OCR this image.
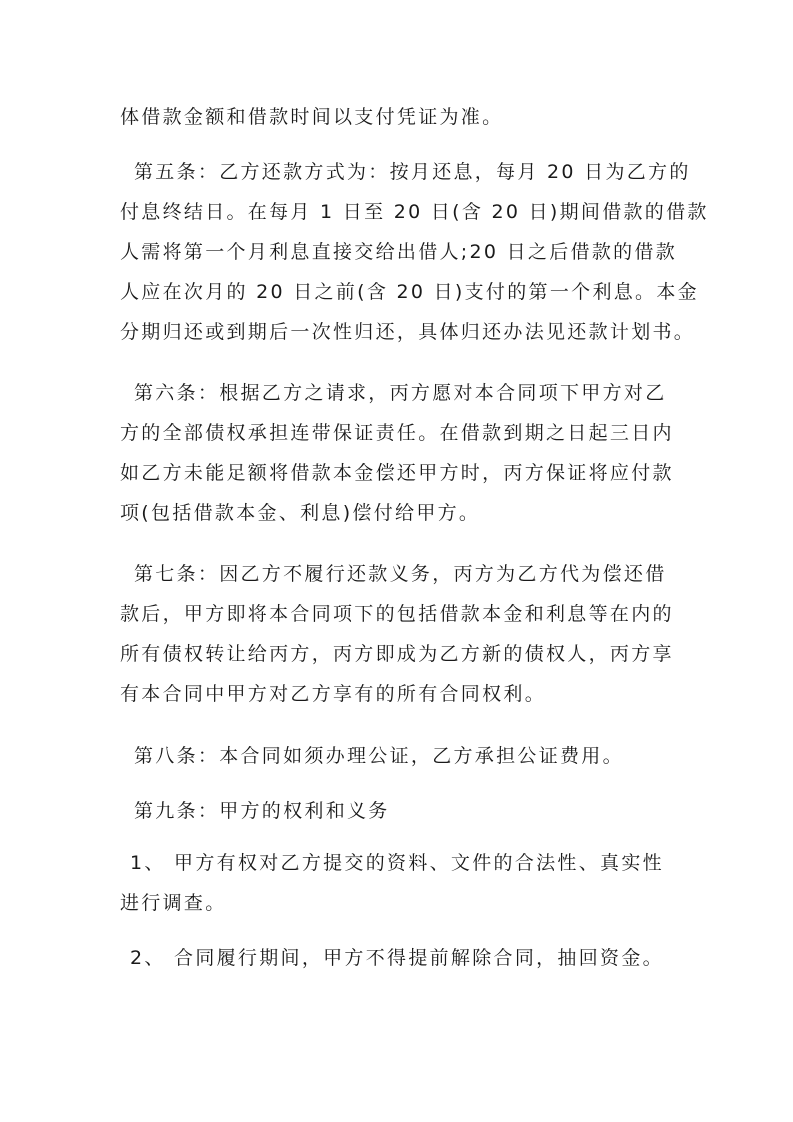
体借款金额和借款时间以支付凭证为准。
第五条：乙方还款方式为：按月还息，每月 20 日为乙方的
付息终结日。在每月 1 日至 20 日(含 20 日)期间借款的借款
人需将第一个月利息直接交给出借人;20 日之后借款的借款
人应在次月的 20 日之前(含 20 日)支付的第一个利息。本金
分期归还或到期后一次性归还，具体归还办法见还款计划书。
第六条：根据乙方之请求，丙方愿对本合同项下甲方对乙
方的全部债权承担连带保证责任。在借款到期之日起三日内
如乙方未能足额将借款本金偿还甲方时，丙方保证将应付款
项(包括借款本金、利息)偿付给甲方。
第七条：因乙方不履行还款义务，丙方为乙方代为偿还借
款后，甲方即将本合同项下的包括借款本金和利息等在内的
所有债权转让给丙方，丙方即成为乙方新的债权人，丙方享
有本合同中甲方对乙方享有的所有合同权利。
第八条：本合同如须办理公证，乙方承担公证费用。
第九条：甲方的权利和义务
1、 甲方有权对乙方提交的资料、文件的合法性、真实性
进行调查。
2、 合同履行期间，甲方不得提前解除合同，抽回资金。
